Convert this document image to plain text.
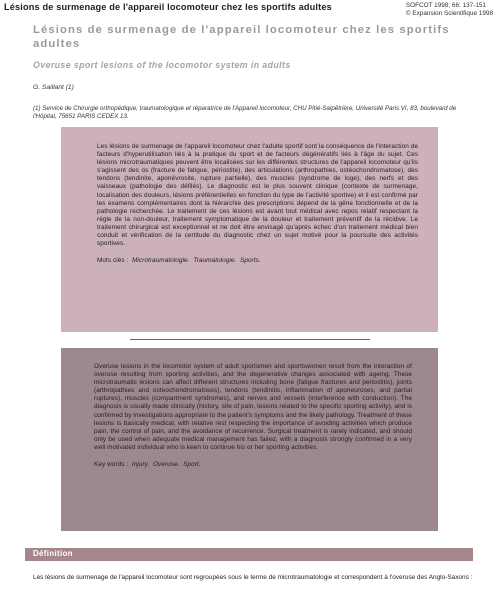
Lésions de surmenage de l'appareil locomoteur chez les sportifs adultes	SOFCOT 1998; 66: 137-151
© Expansion Scientifique 1998
Lésions de surmenage de l'appareil locomoteur chez les sportifs adultes
Overuse sport lesions of the locomotor system in adults
G. Saillant (1)
(1) Service de Chirurgie orthopédique, traumatologique et réparatrice de l'Appareil locomoteur, CHU Pitié-Salpêtrière, Université Paris VI, 83, boulevard de l'Hôpital, 75651 PARIS CEDEX 13.

Les lésions de surmenage de l'appareil locomoteur chez l'adulte sportif sont la conséquence de l'interaction de facteurs d'hyperutilisation liés à la pratique du sport et de facteurs dégénératifs liés à l'âge du sujet. Ces lésions microtraumatiques peuvent être localisées sur les différentes structures de l'appareil locomoteur qu'ils s'agissent des os (fracture de fatigue, périostite), des articulations (arthropathies, ostéochondromatose), des tendons (tendinite, aponévrosite, rupture partielle), des muscles (syndrome de loge), des nerfs et des vaisseaux (pathologie des défilés). Le diagnostic est le plus souvent clinique (contexte de surmenage, localisation des douleurs, lésions préférentielles en fonction du type de l'activité sportive) et il est confirmé par les examens complémentaires dont la hiérarchie des prescriptions dépend de la gêne fonctionnelle et de la pathologie recherchée. Le traitement de ces lésions est avant tout médical avec repos relatif respectant la règle de la non-douleur, traitement symptomatique de la douleur et traitement préventif de la récidive. Le traitement chirurgical est exceptionnel et ne doit être envisagé qu'après échec d'un traitement médical bien conduit et vérification de la certitude du diagnostic chez un sujet motivé pour la poursuite des activités sportives.

Mots clés : Microtraumatologie. Traumatologie. Sports.

Overuse lesions in the locomotor system of adult sportsmen and sportswomen result from the interaction of overuse resulting from sporting activities, and the degenerative changes associated with ageing. These microtraumatic lesions can affect different structures including bone (fatigue fractures and periostitis), joints (arthropathies and osteochondromatoses), tendons (tendinitis, inflammation of aponeuroses, and partial ruptures), muscles (compartment syndromes), and nerves and vessels (interference with conduction). The diagnosis is usually made clinically (history, site of pain, lesions related to the specific sporting activity), and is confirmed by investigations appropriate to the patient's symptoms and the likely pathology. Treatment of these lesions is basically medical, with relative rest respecting the importance of avoiding activities which produce pain, the control of pain, and the avoidance of recurrence. Surgical treatment is rarely indicated, and should only be used when adequate medical management has failed, with a diagnosis strongly confirmed in a very well motivated individual who is keen to continue his or her sporting activities.

Key words : Injury. Overuse. Sport.

Définition
Les lésions de surmenage de l'appareil locomoteur sont regroupées sous le terme de microtraumatologie et correspondent à l'overuse des Anglo-Saxons :
